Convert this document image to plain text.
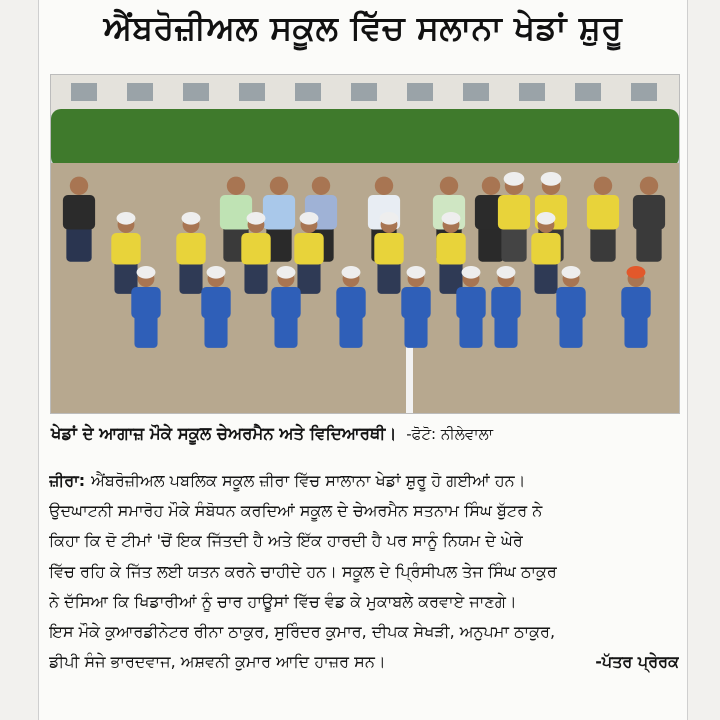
ਐਂਬਰੋਜ਼ੀਅਲ ਸਕੂਲ ਵਿੱਚ ਸਲਾਨਾ ਖੇਡਾਂ ਸ਼ੁਰੂ
ਖੇਡਾਂ ਦੇ ਆਗਾਜ਼ ਮੌਕੇ ਸਕੂਲ ਚੇਅਰਮੈਨ ਅਤੇ ਵਿਦਿਆਰਥੀ। -ਫੋਟੋ: ਨੀਲੇਵਾਲਾ
ਜ਼ੀਰਾ: ਐਂਬਰੋਜ਼ੀਅਲ ਪਬਲਿਕ ਸਕੂਲ ਜ਼ੀਰਾ ਵਿੱਚ ਸਾਲਾਨਾ ਖੇਡਾਂ ਸ਼ੁਰੂ ਹੋ ਗਈਆਂ ਹਨ।
ਉਦਘਾਟਨੀ ਸਮਾਰੋਹ ਮੌਕੇ ਸੰਬੋਧਨ ਕਰਦਿਆਂ ਸਕੂਲ ਦੇ ਚੇਅਰਮੈਨ ਸਤਨਾਮ ਸਿੰਘ ਬੁੱਟਰ ਨੇ
ਕਿਹਾ ਕਿ ਦੋ ਟੀਮਾਂ 'ਚੋਂ ਇਕ ਜਿੱਤਦੀ ਹੈ ਅਤੇ ਇੱਕ ਹਾਰਦੀ ਹੈ ਪਰ ਸਾਨੂੰ ਨਿਯਮ ਦੇ ਘੇਰੇ
ਵਿੱਚ ਰਹਿ ਕੇ ਜਿੱਤ ਲਈ ਯਤਨ ਕਰਨੇ ਚਾਹੀਦੇ ਹਨ। ਸਕੂਲ ਦੇ ਪ੍ਰਿੰਸੀਪਲ ਤੇਜ ਸਿੰਘ ਠਾਕੁਰ
ਨੇ ਦੱਸਿਆ ਕਿ ਖਿਡਾਰੀਆਂ ਨੂੰ ਚਾਰ ਹਾਊਸਾਂ ਵਿੱਚ ਵੰਡ ਕੇ ਮੁਕਾਬਲੇ ਕਰਵਾਏ ਜਾਣਗੇ।
ਇਸ ਮੌਕੇ ਕੁਆਰਡੀਨੇਟਰ ਰੀਨਾ ਠਾਕੁਰ, ਸੁਰਿੰਦਰ ਕੁਮਾਰ, ਦੀਪਕ ਸੇਖੜੀ, ਅਨੁਪਮਾ ਠਾਕੁਰ,
ਡੀਪੀ ਸੰਜੇ ਭਾਰਦਵਾਜ, ਅਸ਼ਵਨੀ ਕੁਮਾਰ ਆਦਿ ਹਾਜ਼ਰ ਸਨ।	-ਪੱਤਰ ਪ੍ਰੇਰਕ
